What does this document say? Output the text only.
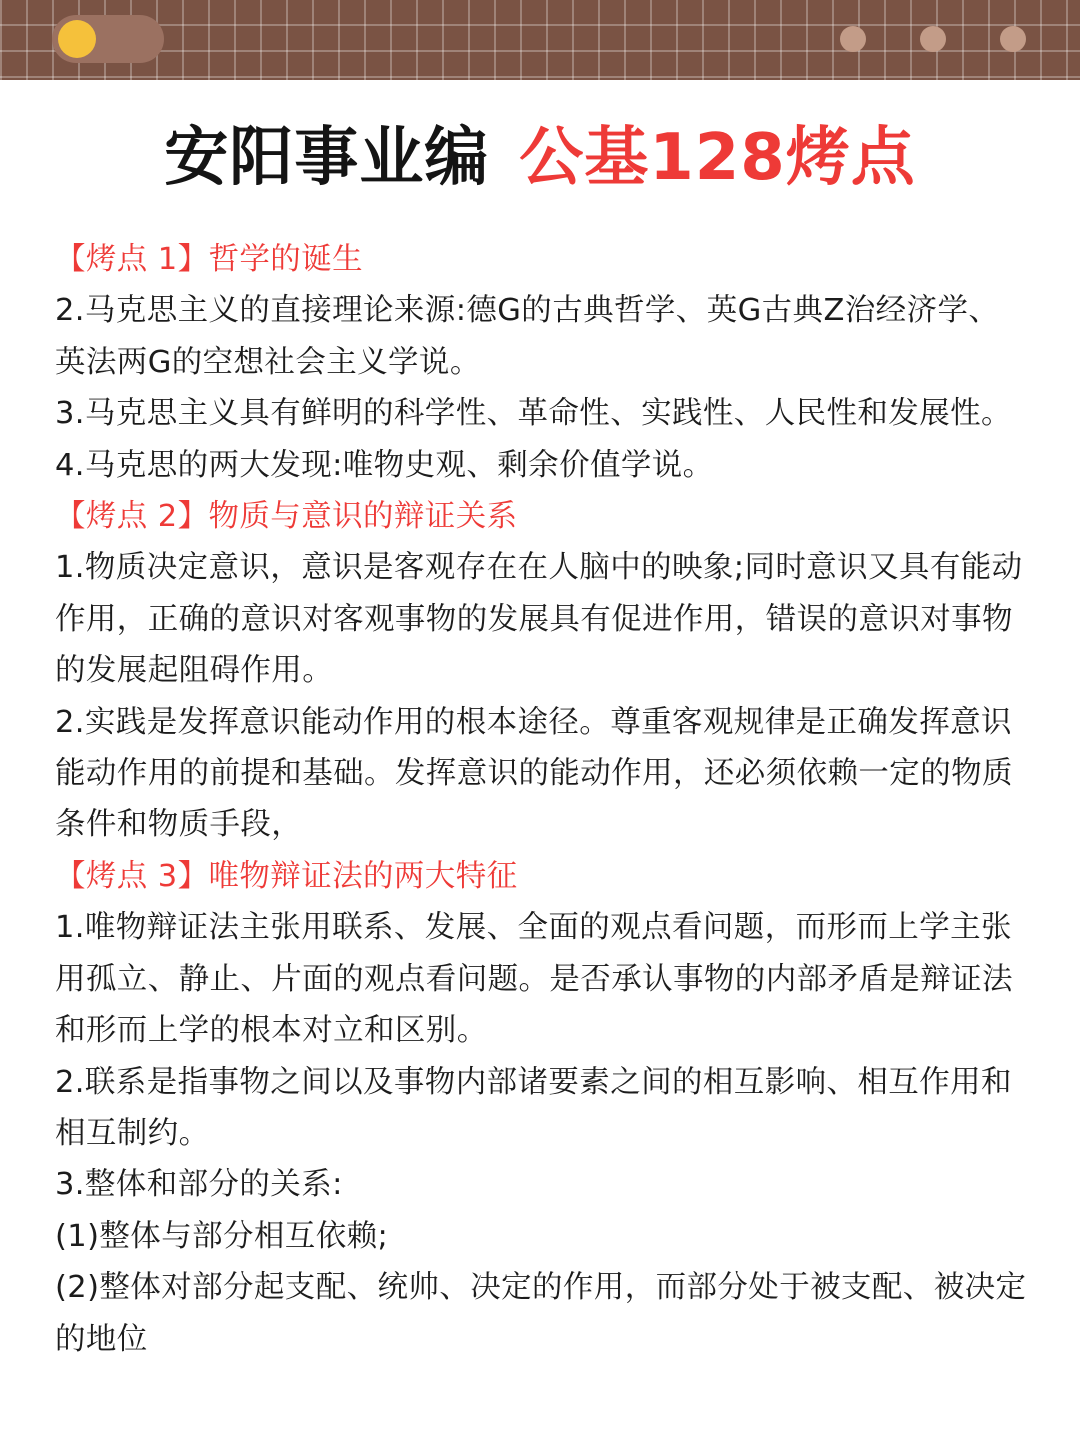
安阳事业编 公基128烤点

【烤点 1】哲学的诞生

2.马克思主义的直接理论来源:德G的古典哲学、英G古典Z治经济学、英法两G的空想社会主义学说。

3.马克思主义具有鲜明的科学性、革命性、实践性、人民性和发展性。

4.马克思的两大发现:唯物史观、剩余价值学说。

【烤点 2】物质与意识的辩证关系

1.物质决定意识，意识是客观存在在人脑中的映象;同时意识又具有能动作用，正确的意识对客观事物的发展具有促进作用，错误的意识对事物的发展起阻碍作用。

2.实践是发挥意识能动作用的根本途径。尊重客观规律是正确发挥意识能动作用的前提和基础。发挥意识的能动作用，还必须依赖一定的物质条件和物质手段，

【烤点 3】唯物辩证法的两大特征

1.唯物辩证法主张用联系、发展、全面的观点看问题，而形而上学主张用孤立、静止、片面的观点看问题。是否承认事物的内部矛盾是辩证法和形而上学的根本对立和区别。

2.联系是指事物之间以及事物内部诸要素之间的相互影响、相互作用和相互制约。

3.整体和部分的关系:

(1)整体与部分相互依赖;

(2)整体对部分起支配、统帅、决定的作用，而部分处于被支配、被决定的地位
